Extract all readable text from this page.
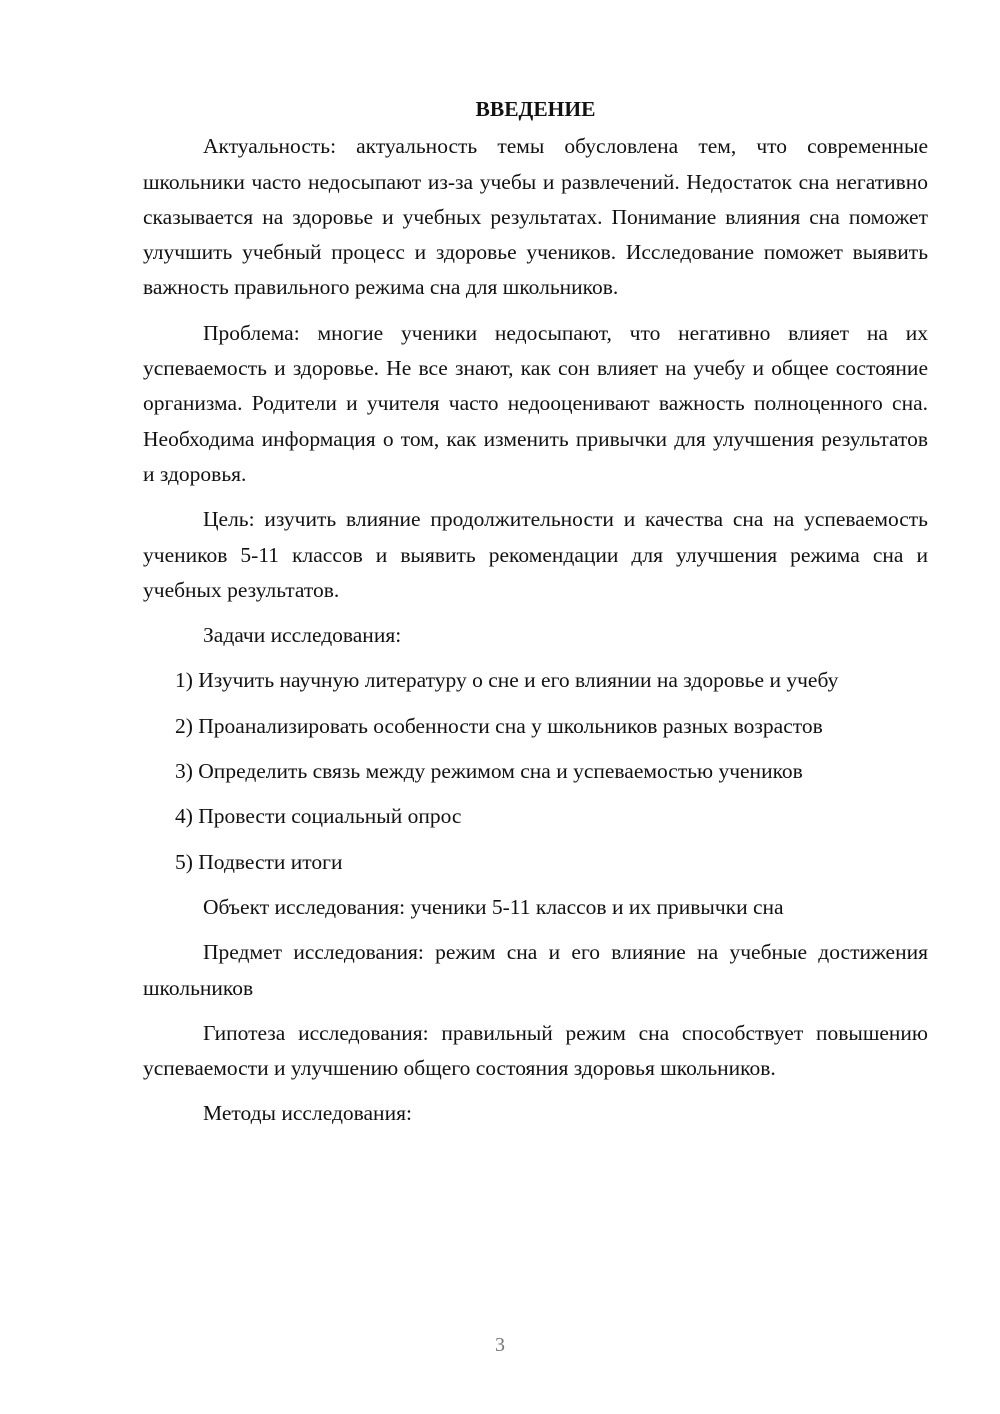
ВВЕДЕНИЕ

Актуальность: актуальность темы обусловлена тем, что современные школьники часто недосыпают из-за учебы и развлечений. Недостаток сна негативно сказывается на здоровье и учебных результатах. Понимание влияния сна поможет улучшить учебный процесс и здоровье учеников. Исследование поможет выявить важность правильного режима сна для школьников.

Проблема: многие ученики недосыпают, что негативно влияет на их успеваемость и здоровье. Не все знают, как сон влияет на учебу и общее состояние организма. Родители и учителя часто недооценивают важность полноценного сна. Необходима информация о том, как изменить привычки для улучшения результатов и здоровья.

Цель: изучить влияние продолжительности и качества сна на успеваемость учеников 5-11 классов и выявить рекомендации для улучшения режима сна и учебных результатов.

Задачи исследования:

1) Изучить научную литературу о сне и его влиянии на здоровье и учебу

2) Проанализировать особенности сна у школьников разных возрастов

3) Определить связь между режимом сна и успеваемостью учеников

4) Провести социальный опрос

5) Подвести итоги

Объект исследования: ученики 5-11 классов и их привычки сна

Предмет исследования: режим сна и его влияние на учебные достижения школьников

Гипотеза исследования: правильный режим сна способствует повышению успеваемости и улучшению общего состояния здоровья школьников.

Методы исследования:

3
